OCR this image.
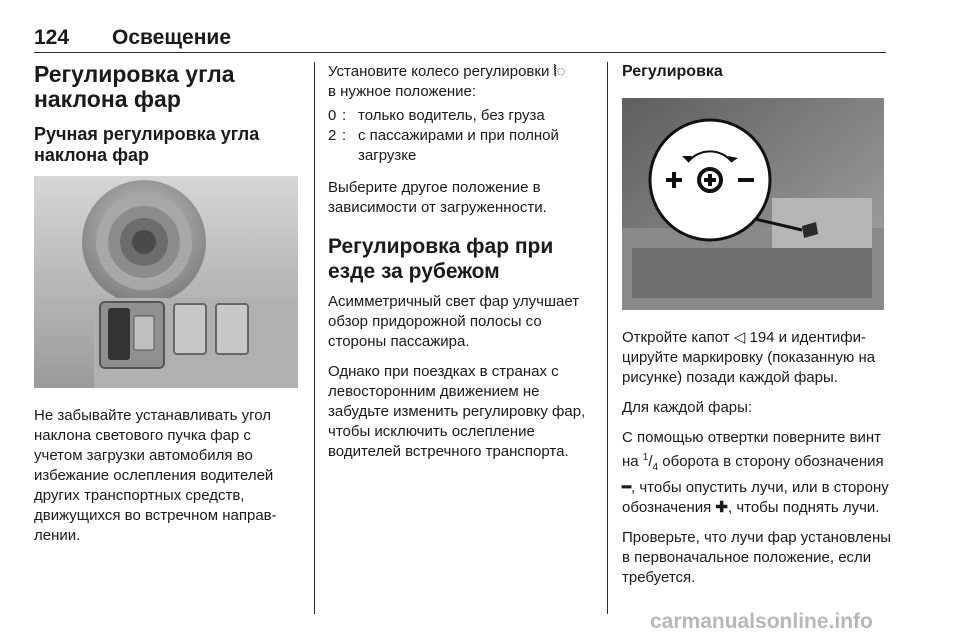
124 Освещение
Регулировка угла наклона фар
Ручная регулировка угла наклона фар

Не забывайте устанавливать угол наклона светового пучка фар с учетом загрузки автомобиля во избежание ослепления водителей других транспортных средств, движущихся во встречном направлении.

Установите колесо регулировки ⦚◌
в нужное положение:

0 : только водитель, без груза
2 : с пассажирами и при полной загрузке

Выберите другое положение в зависимости от загруженности.

Регулировка фар при езде за рубежом

Асимметричный свет фар улучшает обзор придорожной полосы со стороны пассажира.

Однако при поездках в странах с левосторонним движением не забудьте изменить регулировку фар, чтобы исключить ослепление водителей встречного транспорта.

Регулировка

Откройте капот ◁ 194 и идентифицируйте маркировку (показанную на рисунке) позади каждой фары.

Для каждой фары:

С помощью отвертки поверните винт на $^1/_4$ оборота в сторону обозначения ━, чтобы опустить лучи, или в сторону обозначения ✚, чтобы поднять лучи.

Проверьте, что лучи фар установлены в первоначальное положение, если требуется.

carmanualsonline.info
